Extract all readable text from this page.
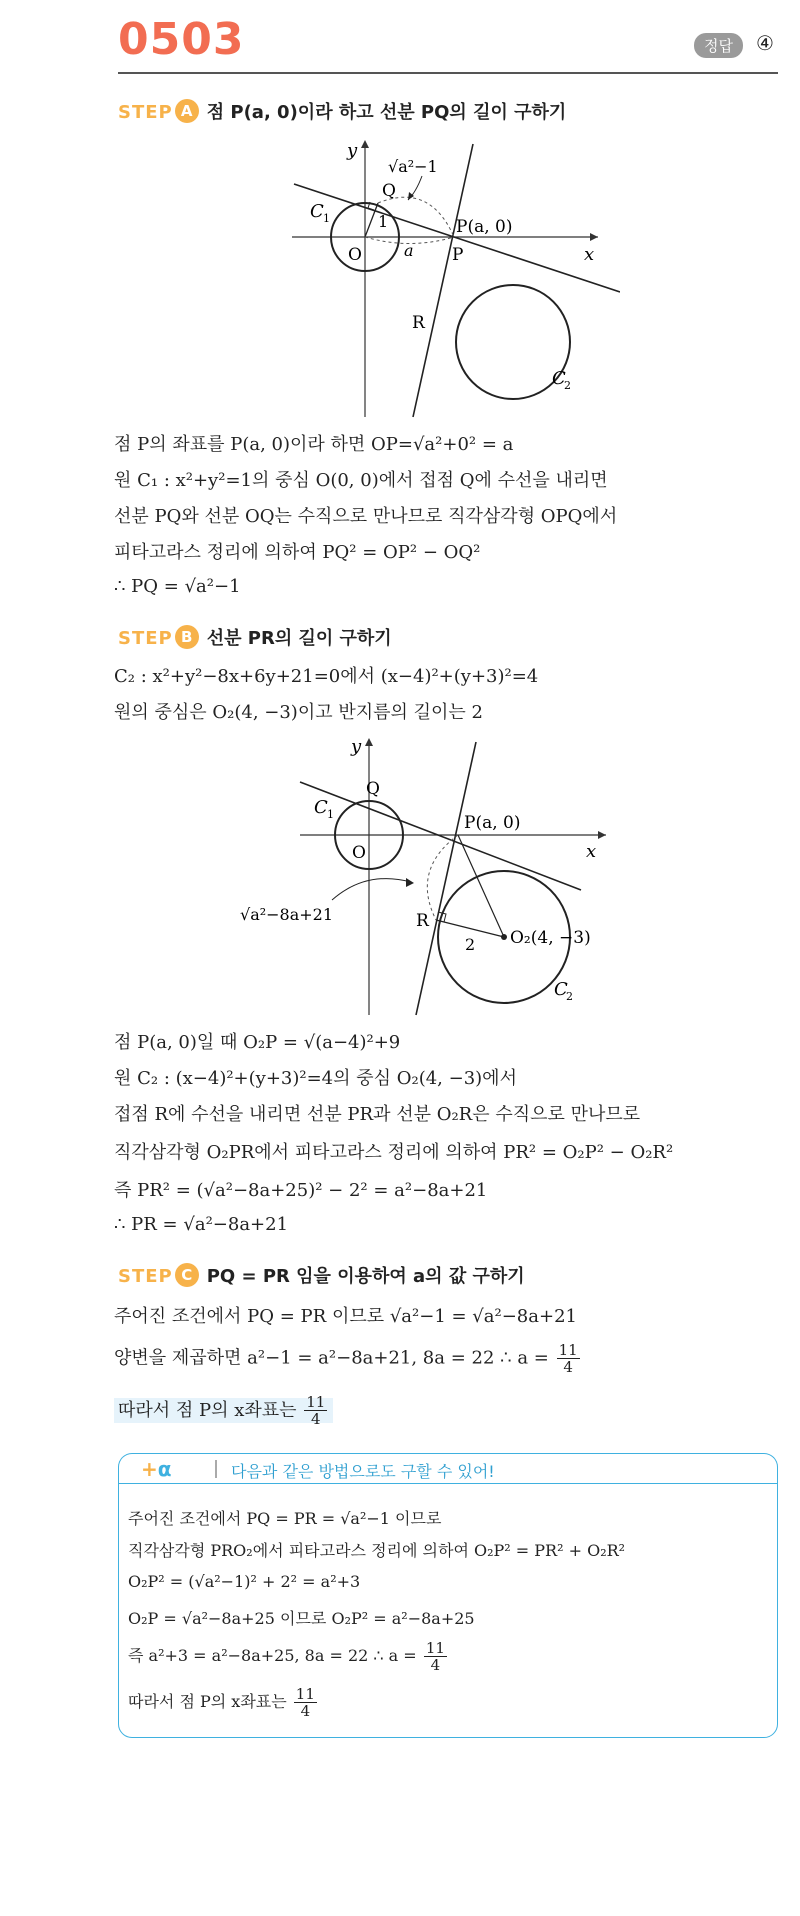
0503	정답	④
STEP A 점 P(a, 0)이라 하고 선분 PQ의 길이 구하기
y
x
C 1
C
2
Q
O	P
R
1
a
P(a, 0)
√a²−1
점 P의 좌표를 P(a, 0)이라 하면 OP=√a²+0² = a
원 C₁ : x²+y²=1의 중심 O(0, 0)에서 접점 Q에 수선을 내리면
선분 PQ와 선분 OQ는 수직으로 만나므로 직각삼각형 OPQ에서
피타고라스 정리에 의하여 PQ² = OP² − OQ²
∴ PQ = √a²−1
STEP B 선분 PR의 길이 구하기
C₂ : x²+y²−8x+6y+21=0에서 (x−4)²+(y+3)²=4
원의 중심은 O₂(4, −3)이고 반지름의 길이는 2
y
x
C 1
C
2
Q
O
R
2
P(a, 0)
O₂(4, −3)
√a²−8a+21
점 P(a, 0)일 때 O₂P = √(a−4)²+9
원 C₂ : (x−4)²+(y+3)²=4의 중심 O₂(4, −3)에서
접점 R에 수선을 내리면 선분 PR과 선분 O₂R은 수직으로 만나므로
직각삼각형 O₂PR에서 피타고라스 정리에 의하여 PR² = O₂P² − O₂R²
즉 PR² = (√a²−8a+25)² − 2² = a²−8a+21
∴ PR = √a²−8a+21
STEP C PQ = PR 임을 이용하여 a의 값 구하기
주어진 조건에서 PQ = PR 이므로 √a²−1 = √a²−8a+21
양변을 제곱하면 a²−1 = a²−8a+21, 8a = 22 ∴ $a = \frac{11}{4}$
따라서 점 P의 x좌표는 $\frac{11}{4}$
+α	다음과 같은 방법으로도 구할 수 있어!
주어진 조건에서 PQ = PR = √a²−1 이므로
직각삼각형 PRO₂에서 피타고라스 정리에 의하여 O₂P² = PR² + O₂R²
O₂P² = (√a²−1)² + 2² = a²+3
O₂P = √a²−8a+25 이므로 O₂P² = a²−8a+25
즉 a²+3 = a²−8a+25, 8a = 22 ∴ $a = \frac{11}{4}$
따라서 점 P의 x좌표는 $\frac{11}{4}$
